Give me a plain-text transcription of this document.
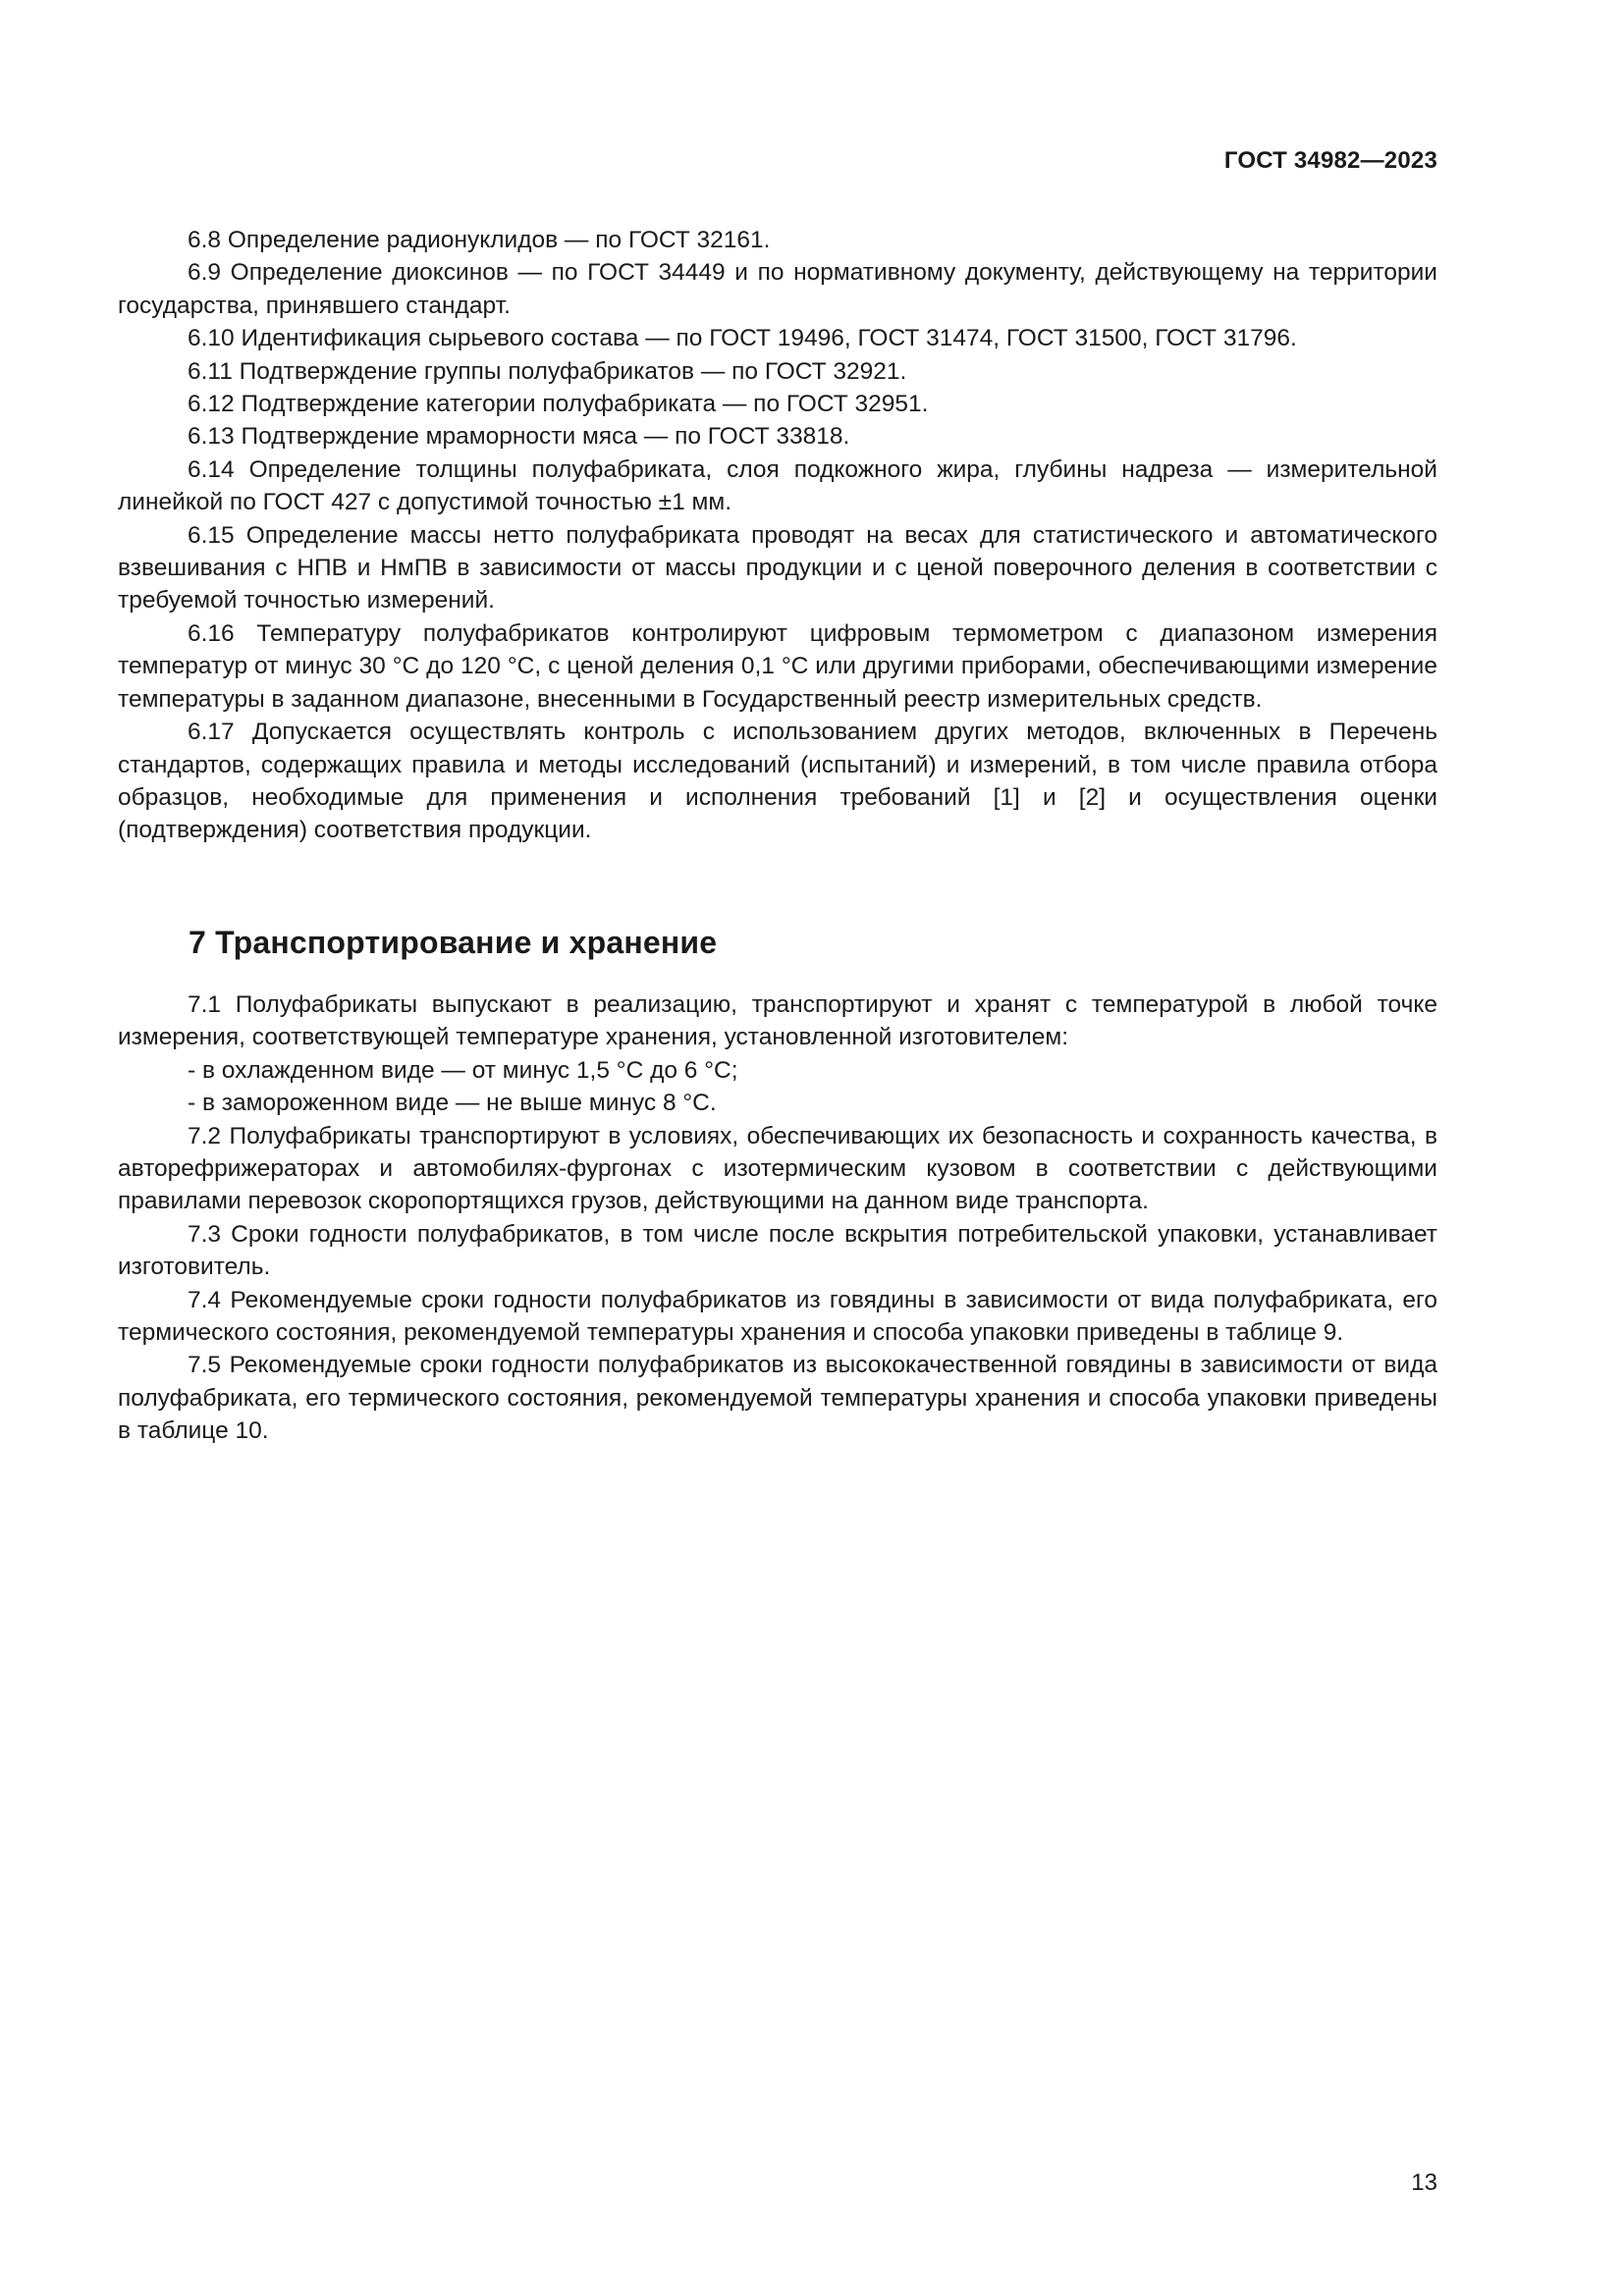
ГОСТ 34982—2023

6.8 Определение радионуклидов — по ГОСТ 32161.

6.9 Определение диоксинов — по ГОСТ 34449 и по нормативному документу, действующему на территории государства, принявшего стандарт.

6.10 Идентификация сырьевого состава — по ГОСТ 19496, ГОСТ 31474, ГОСТ 31500, ГОСТ 31796.

6.11 Подтверждение группы полуфабрикатов — по ГОСТ 32921.

6.12 Подтверждение категории полуфабриката — по ГОСТ 32951.

6.13 Подтверждение мраморности мяса — по ГОСТ 33818.

6.14 Определение толщины полуфабриката, слоя подкожного жира, глубины надреза — измерительной линейкой по ГОСТ 427 с допустимой точностью ±1 мм.

6.15 Определение массы нетто полуфабриката проводят на весах для статистического и автоматического взвешивания с НПВ и НмПВ в зависимости от массы продукции и с ценой поверочного деления в соответствии с требуемой точностью измерений.

6.16 Температуру полуфабрикатов контролируют цифровым термометром с диапазоном измерения температур от минус 30 °С до 120 °С, с ценой деления 0,1 °С или другими приборами, обеспечивающими измерение температуры в заданном диапазоне, внесенными в Государственный реестр измерительных средств.

6.17 Допускается осуществлять контроль с использованием других методов, включенных в Перечень стандартов, содержащих правила и методы исследований (испытаний) и измерений, в том числе правила отбора образцов, необходимые для применения и исполнения требований [1] и [2] и осуществления оценки (подтверждения) соответствия продукции.

7 Транспортирование и хранение

7.1 Полуфабрикаты выпускают в реализацию, транспортируют и хранят с температурой в любой точке измерения, соответствующей температуре хранения, установленной изготовителем:

- в охлажденном виде — от минус 1,5 °С до 6 °С;

- в замороженном виде — не выше минус 8 °С.

7.2 Полуфабрикаты транспортируют в условиях, обеспечивающих их безопасность и сохранность качества, в авторефрижераторах и автомобилях-фургонах с изотермическим кузовом в соответствии с действующими правилами перевозок скоропортящихся грузов, действующими на данном виде транспорта.

7.3 Сроки годности полуфабрикатов, в том числе после вскрытия потребительской упаковки, устанавливает изготовитель.

7.4 Рекомендуемые сроки годности полуфабрикатов из говядины в зависимости от вида полуфабриката, его термического состояния, рекомендуемой температуры хранения и способа упаковки приведены в таблице 9.

7.5 Рекомендуемые сроки годности полуфабрикатов из высококачественной говядины в зависимости от вида полуфабриката, его термического состояния, рекомендуемой температуры хранения и способа упаковки приведены в таблице 10.

13
